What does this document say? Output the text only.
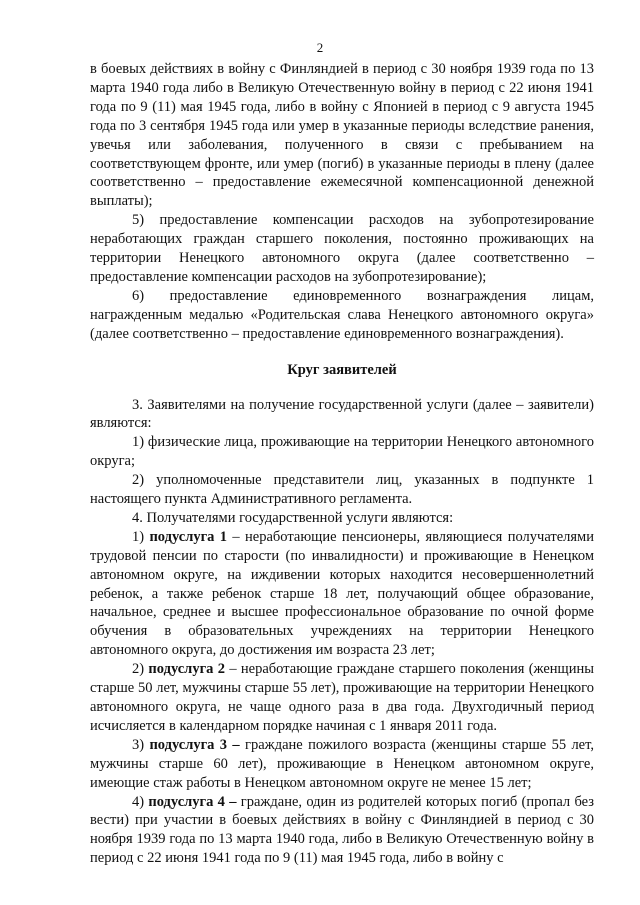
2

в боевых действиях в войну с Финляндией в период с 30 ноября 1939 года по 13 марта 1940 года либо в Великую Отечественную войну в период с 22 июня 1941 года по 9 (11) мая 1945 года, либо в войну с Японией в период с 9 августа 1945 года по 3 сентября 1945 года или умер в указанные периоды вследствие ранения, увечья или заболевания, полученного в связи с пребыванием на соответствующем фронте, или умер (погиб) в указанные периоды в плену (далее соответственно – предоставление ежемесячной компенсационной денежной выплаты);

5) предоставление компенсации расходов на зубопротезирование неработающих граждан старшего поколения, постоянно проживающих на территории Ненецкого автономного округа (далее соответственно – предоставление компенсации расходов на зубопротезирование);

6) предоставление единовременного вознаграждения лицам, награжденным медалью «Родительская слава Ненецкого автономного округа» (далее соответственно – предоставление единовременного вознаграждения).

Круг заявителей

3. Заявителями на получение государственной услуги (далее – заявители) являются:

1) физические лица, проживающие на территории Ненецкого автономного округа;

2) уполномоченные представители лиц, указанных в подпункте 1 настоящего пункта Административного регламента.

4. Получателями государственной услуги являются:

1) подуслуга 1 – неработающие пенсионеры, являющиеся получателями трудовой пенсии по старости (по инвалидности) и проживающие в Ненецком автономном округе, на иждивении которых находится несовершеннолетний ребенок, а также ребенок старше 18 лет, получающий общее образование, начальное, среднее и высшее профессиональное образование по очной форме обучения в образовательных учреждениях на территории Ненецкого автономного округа, до достижения им возраста 23 лет;

2) подуслуга 2 – неработающие граждане старшего поколения (женщины старше 50 лет, мужчины старше 55 лет), проживающие на территории Ненецкого автономного округа, не чаще одного раза в два года. Двухгодичный период исчисляется в календарном порядке начиная с 1 января 2011 года.

3) подуслуга 3 – граждане пожилого возраста (женщины старше 55 лет, мужчины старше 60 лет), проживающие в Ненецком автономном округе, имеющие стаж работы в Ненецком автономном округе не менее 15 лет;

4) подуслуга 4 – граждане, один из родителей которых погиб (пропал без вести) при участии в боевых действиях в войну с Финляндией в период с 30 ноября 1939 года по 13 марта 1940 года, либо в Великую Отечественную войну в период с 22 июня 1941 года по 9 (11) мая 1945 года, либо в войну с
